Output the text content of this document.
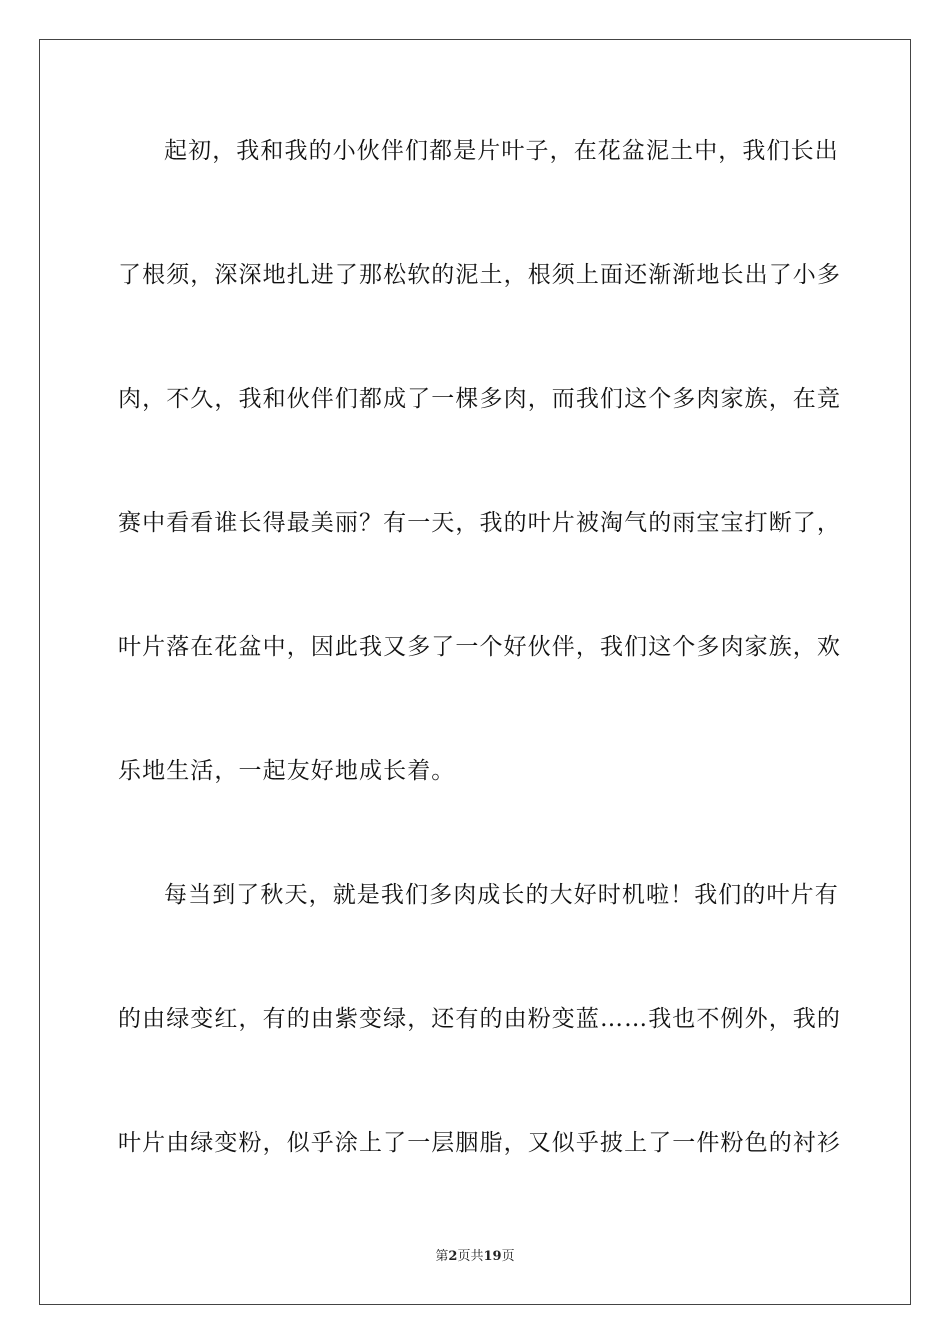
起初，我和我的小伙伴们都是片叶子，在花盆泥土中，我们长出
了根须，深深地扎进了那松软的泥土，根须上面还渐渐地长出了小多
肉，不久，我和伙伴们都成了一棵多肉，而我们这个多肉家族，在竞
赛中看看谁长得最美丽？有一天，我的叶片被淘气的雨宝宝打断了，
叶片落在花盆中，因此我又多了一个好伙伴，我们这个多肉家族，欢
乐地生活，一起友好地成长着。
每当到了秋天，就是我们多肉成长的大好时机啦！我们的叶片有
的由绿变红，有的由紫变绿，还有的由粉变蓝……我也不例外，我的
叶片由绿变粉，似乎涂上了一层胭脂，又似乎披上了一件粉色的衬衫
第2页共19页
